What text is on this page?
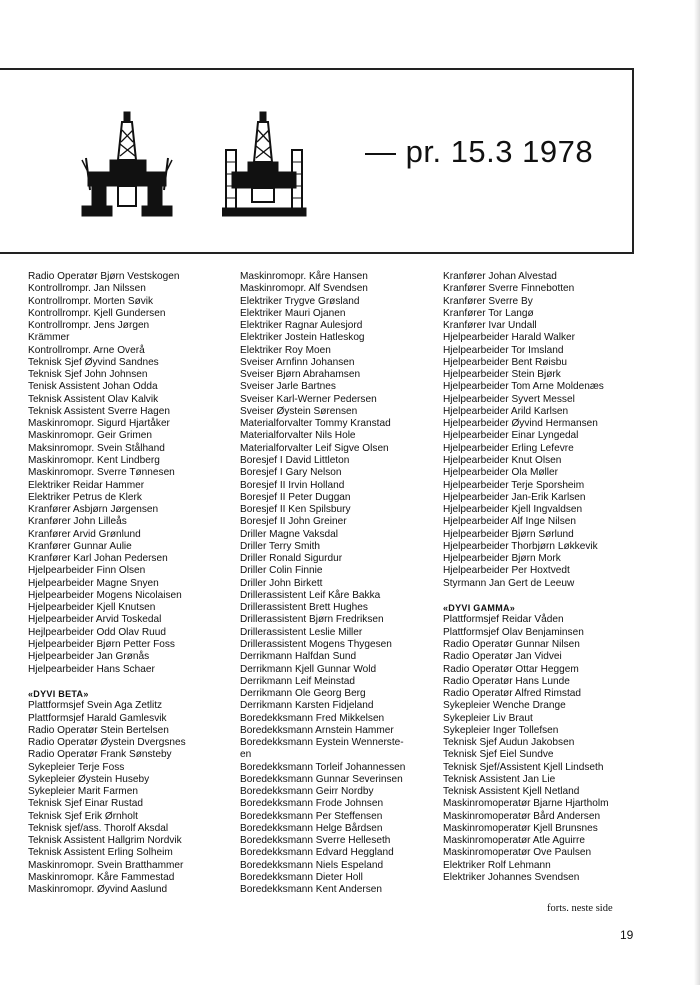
— pr. 15.3 1978
Radio Operatør Bjørn Vestskogen
Kontrollrompr. Jan Nilssen
Kontrollrompr. Morten Søvik
Kontrollrompr. Kjell Gundersen
Kontrollrompr. Jens Jørgen
Krämmer
Kontrollrompr. Arne Overå
Teknisk Sjef Øyvind Sandnes
Teknisk Sjef John Johnsen
Tenisk Assistent Johan Odda
Teknisk Assistent Olav Kalvik
Teknisk Assistent Sverre Hagen
Maskinromopr. Sigurd Hjartåker
Maskinromopr. Geir Grimen
Maksinromopr. Svein Stålhand
Maskinromopr. Kent Lindberg
Maskinromopr. Sverre Tønnesen
Elektriker Reidar Hammer
Elektriker Petrus de Klerk
Kranfører Asbjørn Jørgensen
Kranfører John Lilleås
Kranfører Arvid Grønlund
Kranfører Gunnar Aulie
Kranfører Karl Johan Pedersen
Hjelpearbeider Finn Olsen
Hjelpearbeider Magne Snyen
Hjelpearbeider Mogens Nicolaisen
Hjelpearbeider Kjell Knutsen
Hjelpearbeider Arvid Toskedal
Hejlpearbeider Odd Olav Ruud
Hjelpearbeider Bjørn Petter Foss
Hjelpearbeider Jan Grønås
Hjelpearbeider Hans Schaer
«DYVI BETA»
Plattformsjef Svein Aga Zetlitz
Plattformsjef Harald Gamlesvik
Radio Operatør Stein Bertelsen
Radio Operatør Øystein Dvergsnes
Radio Operatør Frank Sønsteby
Sykepleier Terje Foss
Sykepleier Øystein Huseby
Sykepleier Marit Farmen
Teknisk Sjef Einar Rustad
Teknisk Sjef Erik Ørnholt
Teknisk sjef/ass. Thorolf Aksdal
Teknisk Assistent Hallgrim Nordvik
Teknisk Assistent Erling Solheim
Maskinromopr. Svein Bratthammer
Maskinromopr. Kåre Fammestad
Maskinromopr. Øyvind Aaslund
Maskinromopr. Kåre Hansen
Maskinromopr. Alf Svendsen
Elektriker Trygve Grøsland
Elektriker Mauri Ojanen
Elektriker Ragnar Aulesjord
Elektriker Jostein Hatleskog
Elektriker Roy Moen
Sveiser Arnfinn Johansen
Sveiser Bjørn Abrahamsen
Sveiser Jarle Bartnes
Sveiser Karl-Werner Pedersen
Sveiser Øystein Sørensen
Materialforvalter Tommy Kranstad
Materialforvalter Nils Hole
Materialforvalter Leif Sigve Olsen
Boresjef I David Littleton
Boresjef I Gary Nelson
Boresjef II Irvin Holland
Boresjef II Peter Duggan
Boresjef II Ken Spilsbury
Boresjef II John Greiner
Driller Magne Vaksdal
Driller Terry Smith
Driller Ronald Sigurdur
Driller Colin Finnie
Driller John Birkett
Drillerassistent Leif Kåre Bakka
Drillerassistent Brett Hughes
Drillerassistent Bjørn Fredriksen
Drillerassistent Leslie Miller
Drillerassistent Mogens Thygesen
Derrikmann Halfdan Sund
Derrikmann Kjell Gunnar Wold
Derrikmann Leif Meinstad
Derrikmann Ole Georg Berg
Derrikmann Karsten Fidjeland
Boredekksmann Fred Mikkelsen
Boredekksmann Arnstein Hammer
Boredekksmann Eystein Wennerste-
en
Boredekksmann Torleif Johannessen
Boredekksmann Gunnar Severinsen
Boredekksmann Geirr Nordby
Boredekksmann Frode Johnsen
Boredekksmann Per Steffensen
Boredekksmann Helge Bårdsen
Boredekksmann Sverre Helleseth
Boredekksmann Edvard Heggland
Boredekksmann Niels Espeland
Boredekksmann Dieter Holl
Boredekksmann Kent Andersen
Kranfører Johan Alvestad
Kranfører Sverre Finnebotten
Kranfører Sverre By
Kranfører Tor Langø
Kranfører Ivar Undall
Hjelpearbeider Harald Walker
Hjelpearbeider Tor Imsland
Hjelpearbeider Bent Røisbu
Hjelpearbeider Stein Bjørk
Hjelpearbeider Tom Arne Moldenæs
Hjelpearbeider Syvert Messel
Hjelpearbeider Arild Karlsen
Hjelpearbeider Øyvind Hermansen
Hjelpearbeider Einar Lyngedal
Hjelpearbeider Erling Lefevre
Hjelpearbeider Knut Olsen
Hjelpearbeider Ola Møller
Hjelpearbeider Terje Sporsheim
Hjelpearbeider Jan-Erik Karlsen
Hjelpearbeider Kjell Ingvaldsen
Hjelpearbeider Alf Inge Nilsen
Hjelpearbeider Bjørn Sørlund
Hjelpearbeider Thorbjørn Løkkevik
Hjelpearbeider Bjørn Mork
Hjelpearbeider Per Hoxtvedt
Styrmann Jan Gert de Leeuw
«DYVI GAMMA»
Plattformsjef Reidar Våden
Plattformsjef Olav Benjaminsen
Radio Operatør Gunnar Nilsen
Radio Operatør Jan Vidvei
Radio Operatør Ottar Heggem
Radio Operatør Hans Lunde
Radio Operatør Alfred Rimstad
Sykepleier Wenche Drange
Sykepleier Liv Braut
Sykepleier Inger Tollefsen
Teknisk Sjef Audun Jakobsen
Teknisk Sjef Eiel Sundve
Teknisk Sjef/Assistent Kjell Lindseth
Teknisk Assistent Jan Lie
Teknisk Assistent Kjell Netland
Maskinromoperatør Bjarne Hjartholm
Maskinromoperatør Bård Andersen
Maskinromoperatør Kjell Brunsnes
Maskinromoperatør Atle Aguirre
Maskinromoperatør Ove Paulsen
Elektriker Rolf Lehmann
Elektriker Johannes Svendsen
forts. neste side
19
